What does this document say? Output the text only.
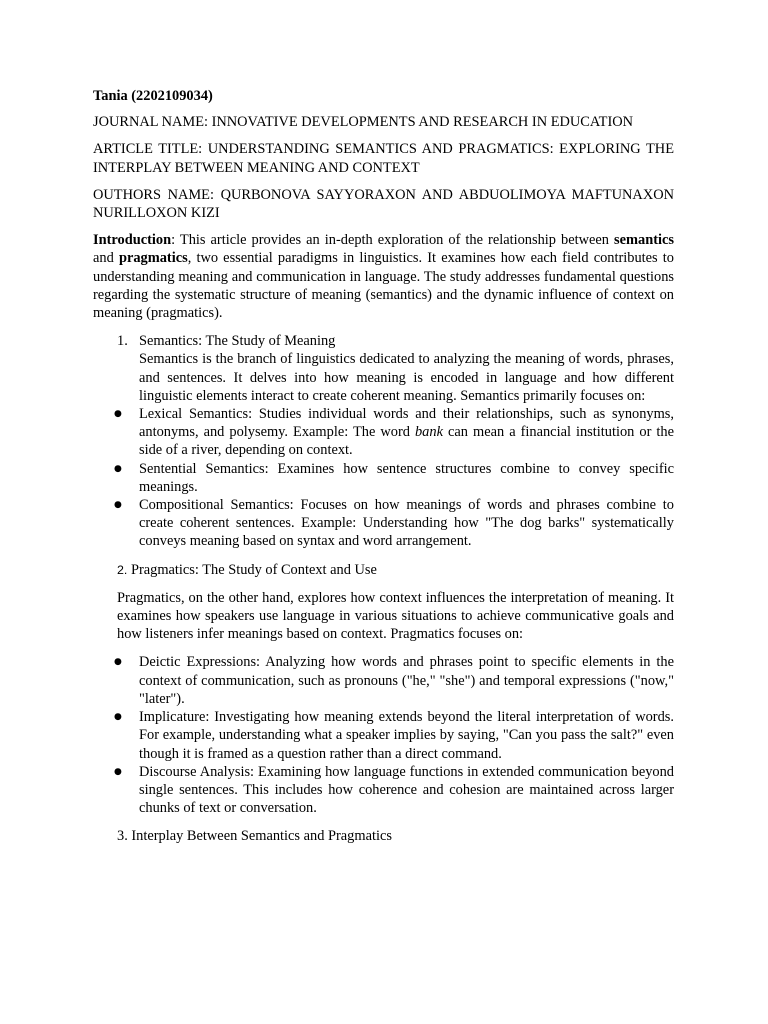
Tania (2202109034)

JOURNAL NAME: INNOVATIVE DEVELOPMENTS AND RESEARCH IN EDUCATION

ARTICLE TITLE: UNDERSTANDING SEMANTICS AND PRAGMATICS: EXPLORING THE INTERPLAY BETWEEN MEANING AND CONTEXT

OUTHORS NAME: QURBONOVA SAYYORAXON AND ABDUOLIMOYA MAFTUNAXON NURILLOXON KIZI

Introduction: This article provides an in-depth exploration of the relationship between semantics and pragmatics, two essential paradigms in linguistics. It examines how each field contributes to understanding meaning and communication in language. The study addresses fundamental questions regarding the systematic structure of meaning (semantics) and the dynamic influence of context on meaning (pragmatics).

1. Semantics: The Study of Meaning
Semantics is the branch of linguistics dedicated to analyzing the meaning of words, phrases, and sentences. It delves into how meaning is encoded in language and how different linguistic elements interact to create coherent meaning. Semantics primarily focuses on:
● Lexical Semantics: Studies individual words and their relationships, such as synonyms, antonyms, and polysemy. Example: The word bank can mean a financial institution or the side of a river, depending on context.
● Sentential Semantics: Examines how sentence structures combine to convey specific meanings.
● Compositional Semantics: Focuses on how meanings of words and phrases combine to create coherent sentences. Example: Understanding how "The dog barks" systematically conveys meaning based on syntax and word arrangement.

2. Pragmatics: The Study of Context and Use

Pragmatics, on the other hand, explores how context influences the interpretation of meaning. It examines how speakers use language in various situations to achieve communicative goals and how listeners infer meanings based on context. Pragmatics focuses on:

● Deictic Expressions: Analyzing how words and phrases point to specific elements in the context of communication, such as pronouns ("he," "she") and temporal expressions ("now," "later").
● Implicature: Investigating how meaning extends beyond the literal interpretation of words. For example, understanding what a speaker implies by saying, "Can you pass the salt?" even though it is framed as a question rather than a direct command.
● Discourse Analysis: Examining how language functions in extended communication beyond single sentences. This includes how coherence and cohesion are maintained across larger chunks of text or conversation.

3. Interplay Between Semantics and Pragmatics
